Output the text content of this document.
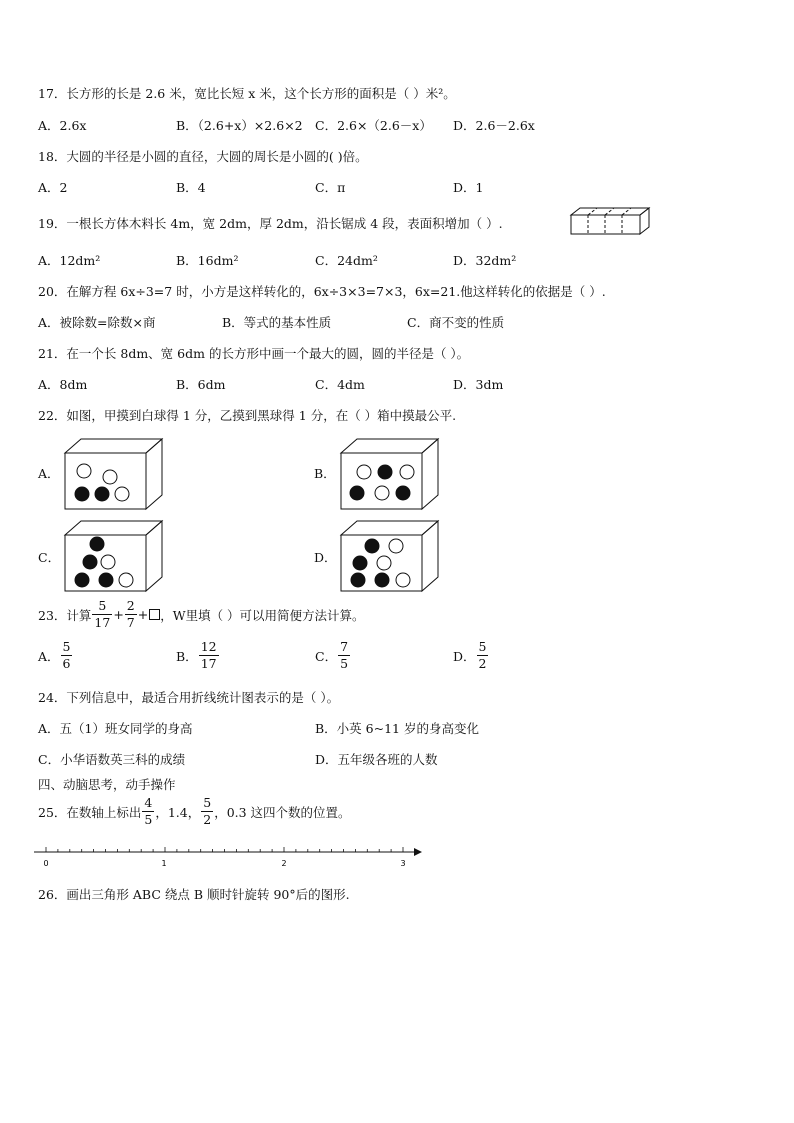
17．长方形的长是 2.6 米，宽比长短 x 米，这个长方形的面积是（ ）米²。
A．2.6x	B．（2.6+x）×2.6×2 C．2.6×（2.6－x） D．2.6－2.6x
18．大圆的半径是小圆的直径，大圆的周长是小圆的( )倍。
A．2	B．4	C．π	D．1
19．一根长方体木料长 4m，宽 2dm，厚 2dm，沿长锯成 4 段，表面积增加（ ）.
A．12dm²	B．16dm²	C．24dm²	D．32dm²
20．在解方程 6x÷3=7 时，小方是这样转化的，6x÷3×3=7×3，6x=21.他这样转化的依据是（ ）.
A．被除数=除数×商	B．等式的基本性质	C．商不变的性质
21．在一个长 8dm、宽 6dm 的长方形中画一个最大的圆，圆的半径是（ ）。
A．8dm	B．6dm	C．4dm	D．3dm
22．如图，甲摸到白球得 1 分，乙摸到黑球得 1 分，在（ ）箱中摸最公平.
A．	B．
C．	D．
23．计算 $\frac{5}{17} + \frac{2}{7}$ + ，W里填（ ）可以用简便方法计算。
A． $\frac{5}{6}$	B． $\frac{12}{17}$	C． $\frac{7}{5}$	D． $\frac{5}{2}$
24．下列信息中，最适合用折线统计图表示的是（ ）。
A．五（1）班女同学的身高	B．小英 6~11 岁的身高变化
C．小华语数英三科的成绩	D．五年级各班的人数
四、动脑思考，动手操作
25．在数轴上标出 $\frac{4}{5}$ ，1.4， $\frac{5}{2}$ ，0.3 这四个数的位置。
0	1	2	3
26．画出三角形 ABC 绕点 B 顺时针旋转 90°后的图形.
